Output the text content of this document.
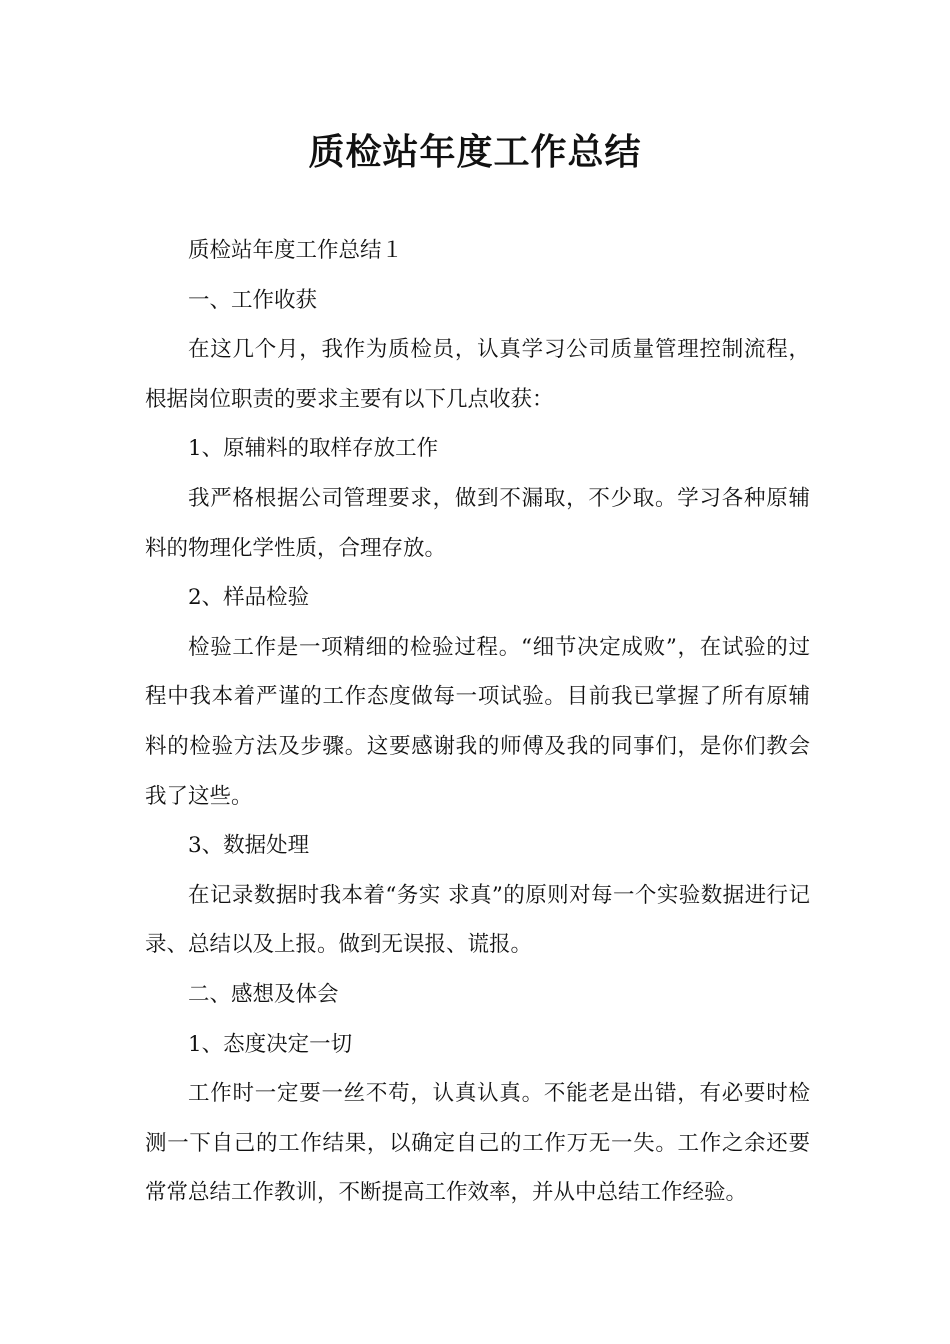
质检站年度工作总结

质检站年度工作总结１

一、工作收获

在这几个月，我作为质检员，认真学习公司质量管理控制流程，根据岗位职责的要求主要有以下几点收获：

1、原辅料的取样存放工作

我严格根据公司管理要求，做到不漏取，不少取。学习各种原辅料的物理化学性质，合理存放。

2、样品检验

检验工作是一项精细的检验过程。“细节决定成败”，在试验的过程中我本着严谨的工作态度做每一项试验。目前我已掌握了所有原辅料的检验方法及步骤。这要感谢我的师傅及我的同事们，是你们教会我了这些。

3、数据处理

在记录数据时我本着“务实 求真”的原则对每一个实验数据进行记录、总结以及上报。做到无误报、谎报。

二、感想及体会

1、态度决定一切

工作时一定要一丝不苟，认真认真。不能老是出错，有必要时检测一下自己的工作结果，以确定自己的工作万无一失。工作之余还要常常总结工作教训，不断提高工作效率，并从中总结工作经验。
